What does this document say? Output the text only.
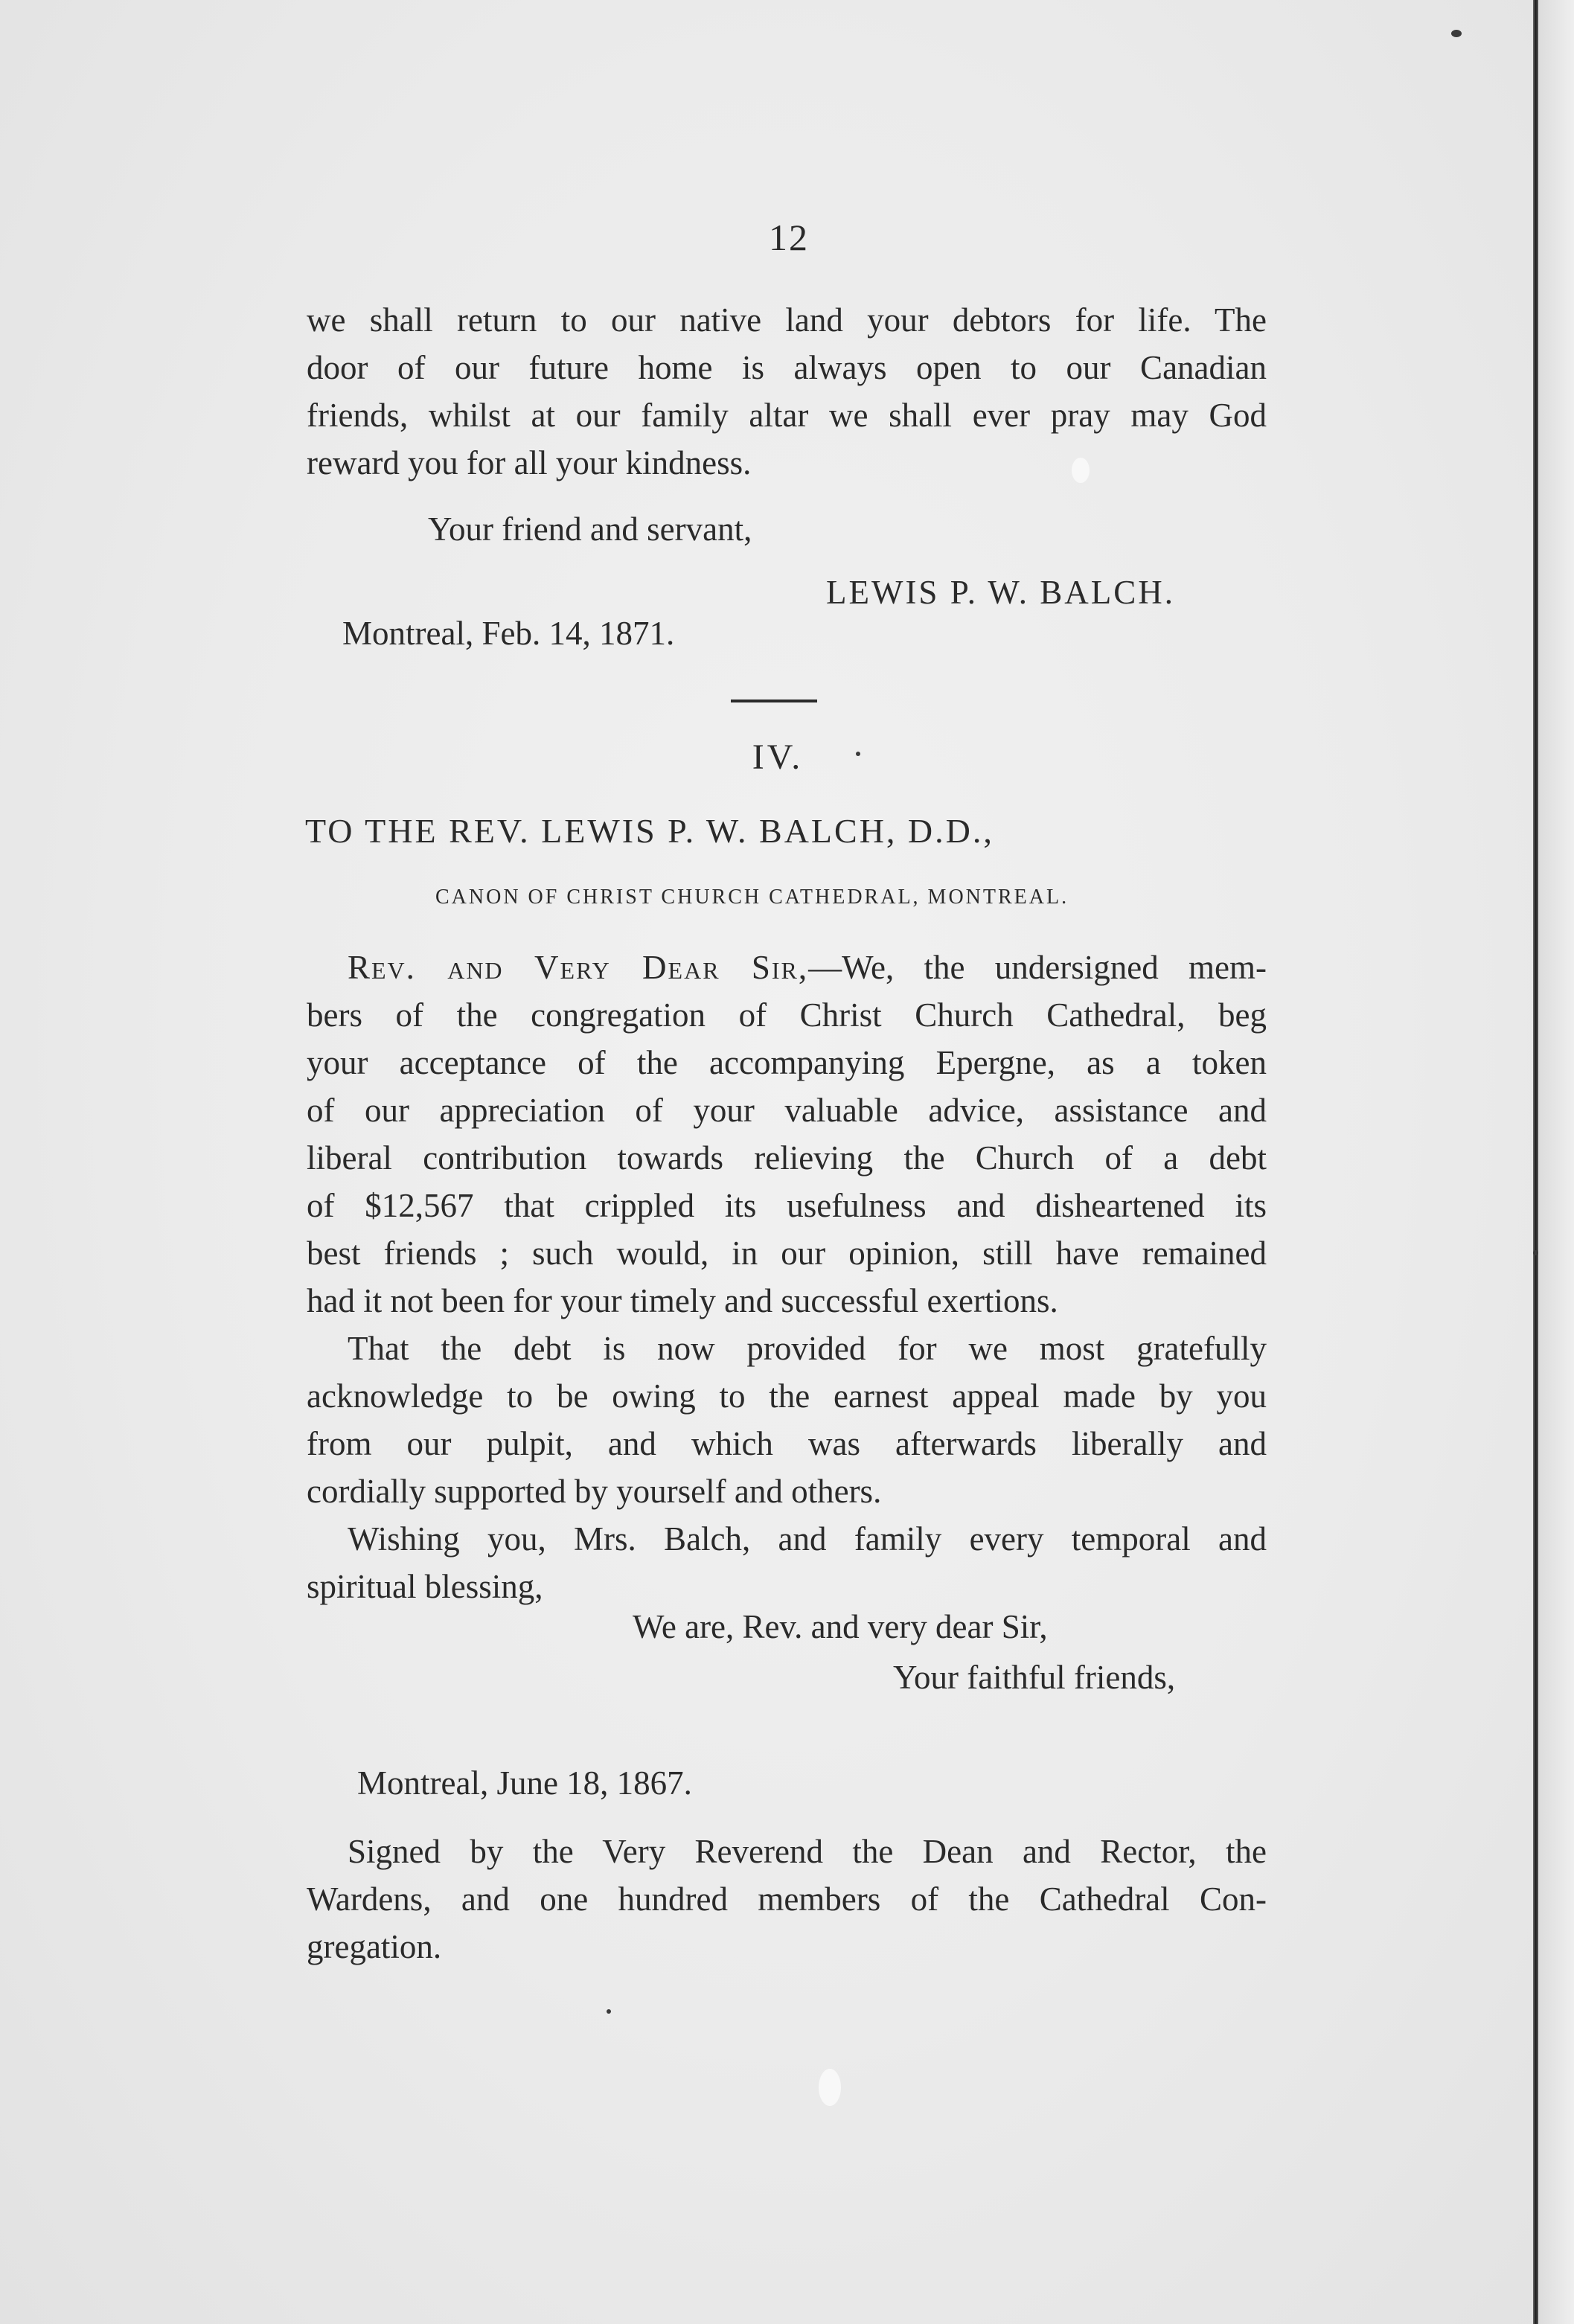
12
we shall return to our native land your debtors for life. The
door of our future home is always open to our Canadian
friends, whilst at our family altar we shall ever pray may God
reward you for all your kindness.
Your friend and servant,
LEWIS P. W. BALCH.
Montreal, Feb. 14, 1871.
IV.
TO THE REV. LEWIS P. W. BALCH, D.D.,
CANON OF CHRIST CHURCH CATHEDRAL, MONTREAL.
Rev. and Very Dear Sir,—We, the undersigned mem-
bers of the congregation of Christ Church Cathedral, beg
your acceptance of the accompanying Epergne, as a token
of our appreciation of your valuable advice, assistance and
liberal contribution towards relieving the Church of a debt
of $12,567 that crippled its usefulness and disheartened its
best friends ; such would, in our opinion, still have remained
had it not been for your timely and successful exertions.
That the debt is now provided for we most gratefully
acknowledge to be owing to the earnest appeal made by you
from our pulpit, and which was afterwards liberally and
cordially supported by yourself and others.
Wishing you, Mrs. Balch, and family every temporal and
spiritual blessing,
We are, Rev. and very dear Sir,
Your faithful friends,
Montreal, June 18, 1867.
Signed by the Very Reverend the Dean and Rector, the
Wardens, and one hundred members of the Cathedral Con-
gregation.
